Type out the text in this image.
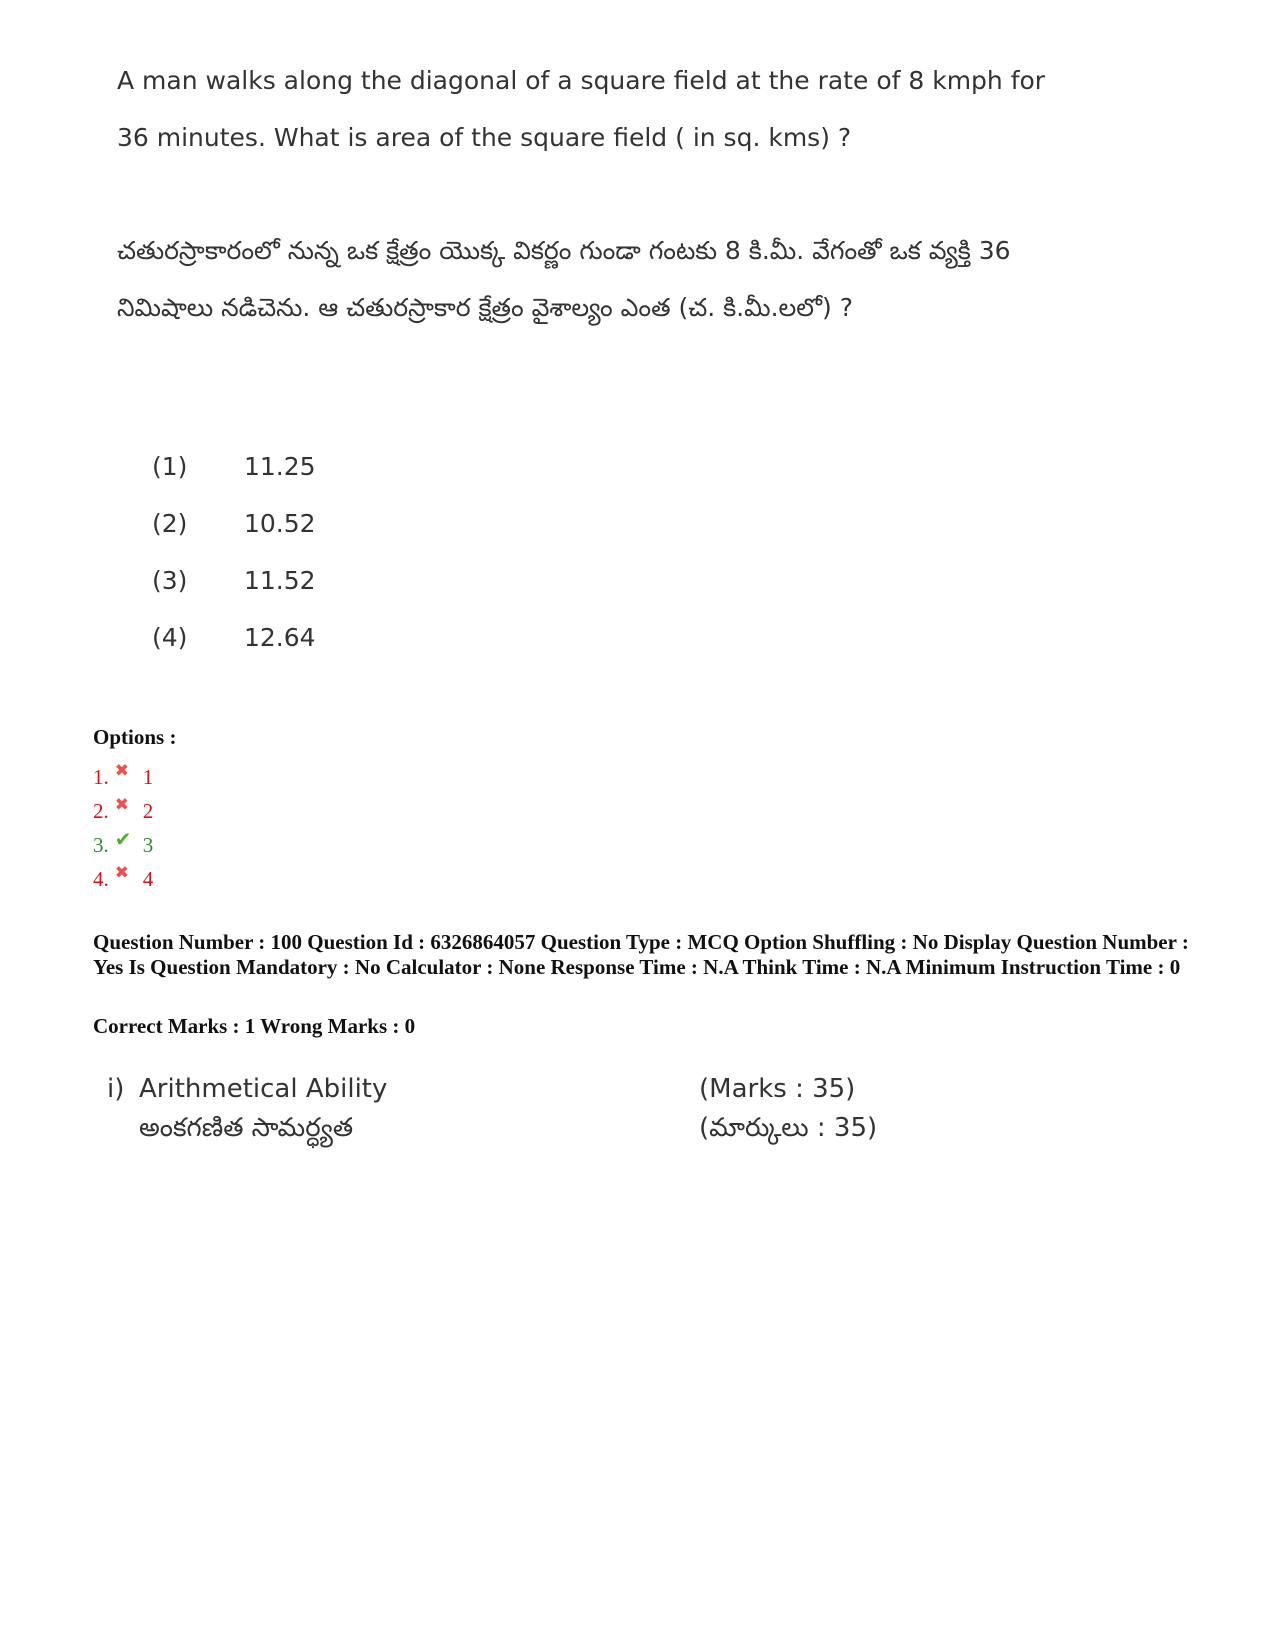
A man walks along the diagonal of a square field at the rate of 8 kmph for 36 minutes. What is area of the square field ( in sq. kms) ?
చతురస్రాకారంలో నున్న ఒక క్షేత్రం యొక్క వికర్ణం గుండా గంటకు 8 కి.మీ. వేగంతో ఒక వ్యక్తి 36 నిమిషాలు నడిచెను. ఆ చతురస్రాకార క్షేత్రం వైశాల్యం ఎంత (చ. కి.మీ.లలో) ?
(1)	11.25
(2)	10.52
(3)	11.52
(4)	12.64
Options :
1. ✖ 1
2. ✖ 2
3. ✔ 3
4. ✖ 4
Question Number : 100 Question Id : 6326864057 Question Type : MCQ Option Shuffling : No Display Question Number : Yes Is Question Mandatory : No Calculator : None Response Time : N.A Think Time : N.A Minimum Instruction Time : 0
Correct Marks : 1 Wrong Marks : 0
i) Arithmetical Ability	(Marks : 35)
అంకగణిత సామర్ధ్యత	(మార్కులు : 35)
